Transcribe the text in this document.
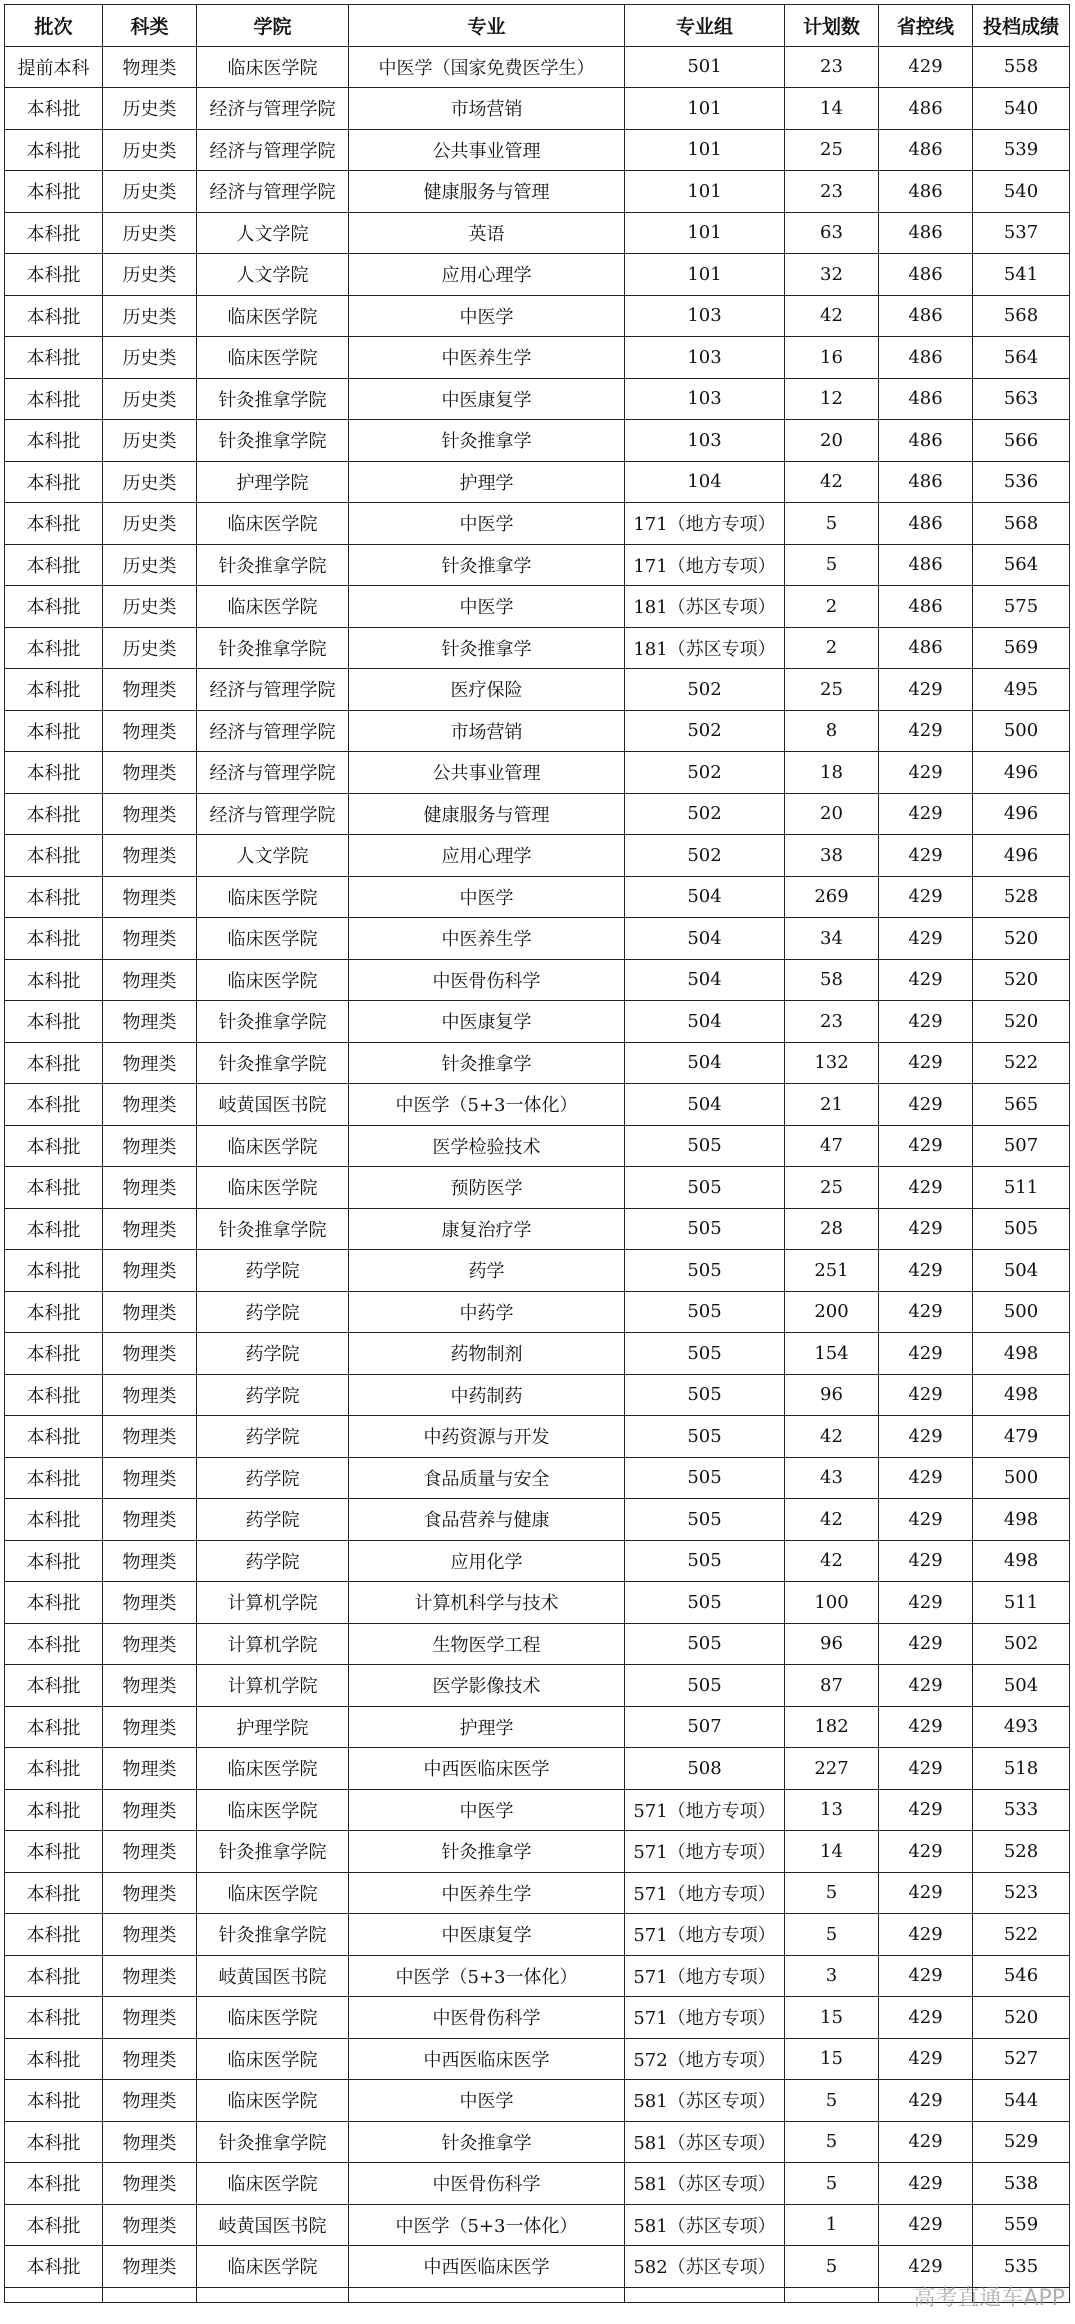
批次	科类	学院	专业	专业组	计划数	省控线	投档成绩
提前本科	物理类	临床医学院	中医学（国家免费医学生）	501	23	429	558
本科批	历史类	经济与管理学院	市场营销	101	14	486	540
本科批	历史类	经济与管理学院	公共事业管理	101	25	486	539
本科批	历史类	经济与管理学院	健康服务与管理	101	23	486	540
本科批	历史类	人文学院	英语	101	63	486	537
本科批	历史类	人文学院	应用心理学	101	32	486	541
本科批	历史类	临床医学院	中医学	103	42	486	568
本科批	历史类	临床医学院	中医养生学	103	16	486	564
本科批	历史类	针灸推拿学院	中医康复学	103	12	486	563
本科批	历史类	针灸推拿学院	针灸推拿学	103	20	486	566
本科批	历史类	护理学院	护理学	104	42	486	536
本科批	历史类	临床医学院	中医学	171（地方专项）	5	486	568
本科批	历史类	针灸推拿学院	针灸推拿学	171（地方专项）	5	486	564
本科批	历史类	临床医学院	中医学	181（苏区专项）	2	486	575
本科批	历史类	针灸推拿学院	针灸推拿学	181（苏区专项）	2	486	569
本科批	物理类	经济与管理学院	医疗保险	502	25	429	495
本科批	物理类	经济与管理学院	市场营销	502	8	429	500
本科批	物理类	经济与管理学院	公共事业管理	502	18	429	496
本科批	物理类	经济与管理学院	健康服务与管理	502	20	429	496
本科批	物理类	人文学院	应用心理学	502	38	429	496
本科批	物理类	临床医学院	中医学	504	269	429	528
本科批	物理类	临床医学院	中医养生学	504	34	429	520
本科批	物理类	临床医学院	中医骨伤科学	504	58	429	520
本科批	物理类	针灸推拿学院	中医康复学	504	23	429	520
本科批	物理类	针灸推拿学院	针灸推拿学	504	132	429	522
本科批	物理类	岐黄国医书院	中医学（5+3一体化）	504	21	429	565
本科批	物理类	临床医学院	医学检验技术	505	47	429	507
本科批	物理类	临床医学院	预防医学	505	25	429	511
本科批	物理类	针灸推拿学院	康复治疗学	505	28	429	505
本科批	物理类	药学院	药学	505	251	429	504
本科批	物理类	药学院	中药学	505	200	429	500
本科批	物理类	药学院	药物制剂	505	154	429	498
本科批	物理类	药学院	中药制药	505	96	429	498
本科批	物理类	药学院	中药资源与开发	505	42	429	479
本科批	物理类	药学院	食品质量与安全	505	43	429	500
本科批	物理类	药学院	食品营养与健康	505	42	429	498
本科批	物理类	药学院	应用化学	505	42	429	498
本科批	物理类	计算机学院	计算机科学与技术	505	100	429	511
本科批	物理类	计算机学院	生物医学工程	505	96	429	502
本科批	物理类	计算机学院	医学影像技术	505	87	429	504
本科批	物理类	护理学院	护理学	507	182	429	493
本科批	物理类	临床医学院	中西医临床医学	508	227	429	518
本科批	物理类	临床医学院	中医学	571（地方专项）	13	429	533
本科批	物理类	针灸推拿学院	针灸推拿学	571（地方专项）	14	429	528
本科批	物理类	临床医学院	中医养生学	571（地方专项）	5	429	523
本科批	物理类	针灸推拿学院	中医康复学	571（地方专项）	5	429	522
本科批	物理类	岐黄国医书院	中医学（5+3一体化）	571（地方专项）	3	429	546
本科批	物理类	临床医学院	中医骨伤科学	571（地方专项）	15	429	520
本科批	物理类	临床医学院	中西医临床医学	572（地方专项）	15	429	527
本科批	物理类	临床医学院	中医学	581（苏区专项）	5	429	544
本科批	物理类	针灸推拿学院	针灸推拿学	581（苏区专项）	5	429	529
本科批	物理类	临床医学院	中医骨伤科学	581（苏区专项）	5	429	538
本科批	物理类	岐黄国医书院	中医学（5+3一体化）	581（苏区专项）	1	429	559
本科批	物理类	临床医学院	中西医临床医学	582（苏区专项）	5	429	535

高考直通车APP
